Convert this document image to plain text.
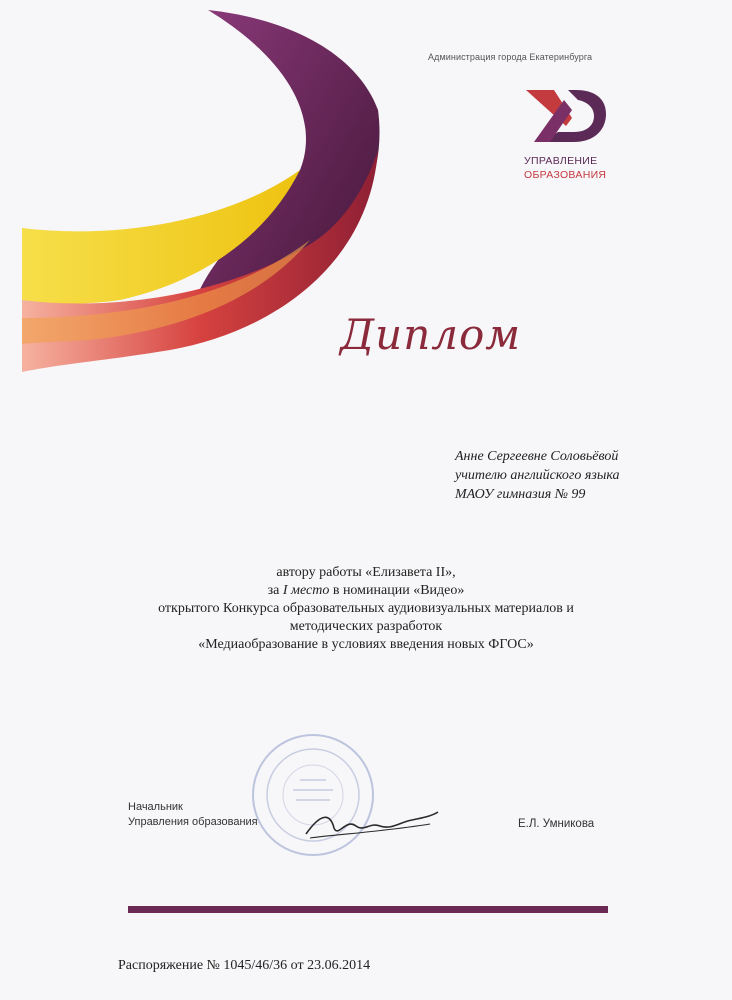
Администрация города Екатеринбурга
УПРАВЛЕНИЕ
ОБРАЗОВАНИЯ
Диплом
Анне Сергеевне Соловьёвой
учителю английского языка
МАОУ гимназия № 99
автору работы «Елизавета II»,
за I место в номинации «Видео»
открытого Конкурса образовательных аудиовизуальных материалов и
методических разработок
«Медиаобразование в условиях введения новых ФГОС»
Начальник
Управления образования	Е.Л. Умникова
Распоряжение № 1045/46/36 от 23.06.2014
